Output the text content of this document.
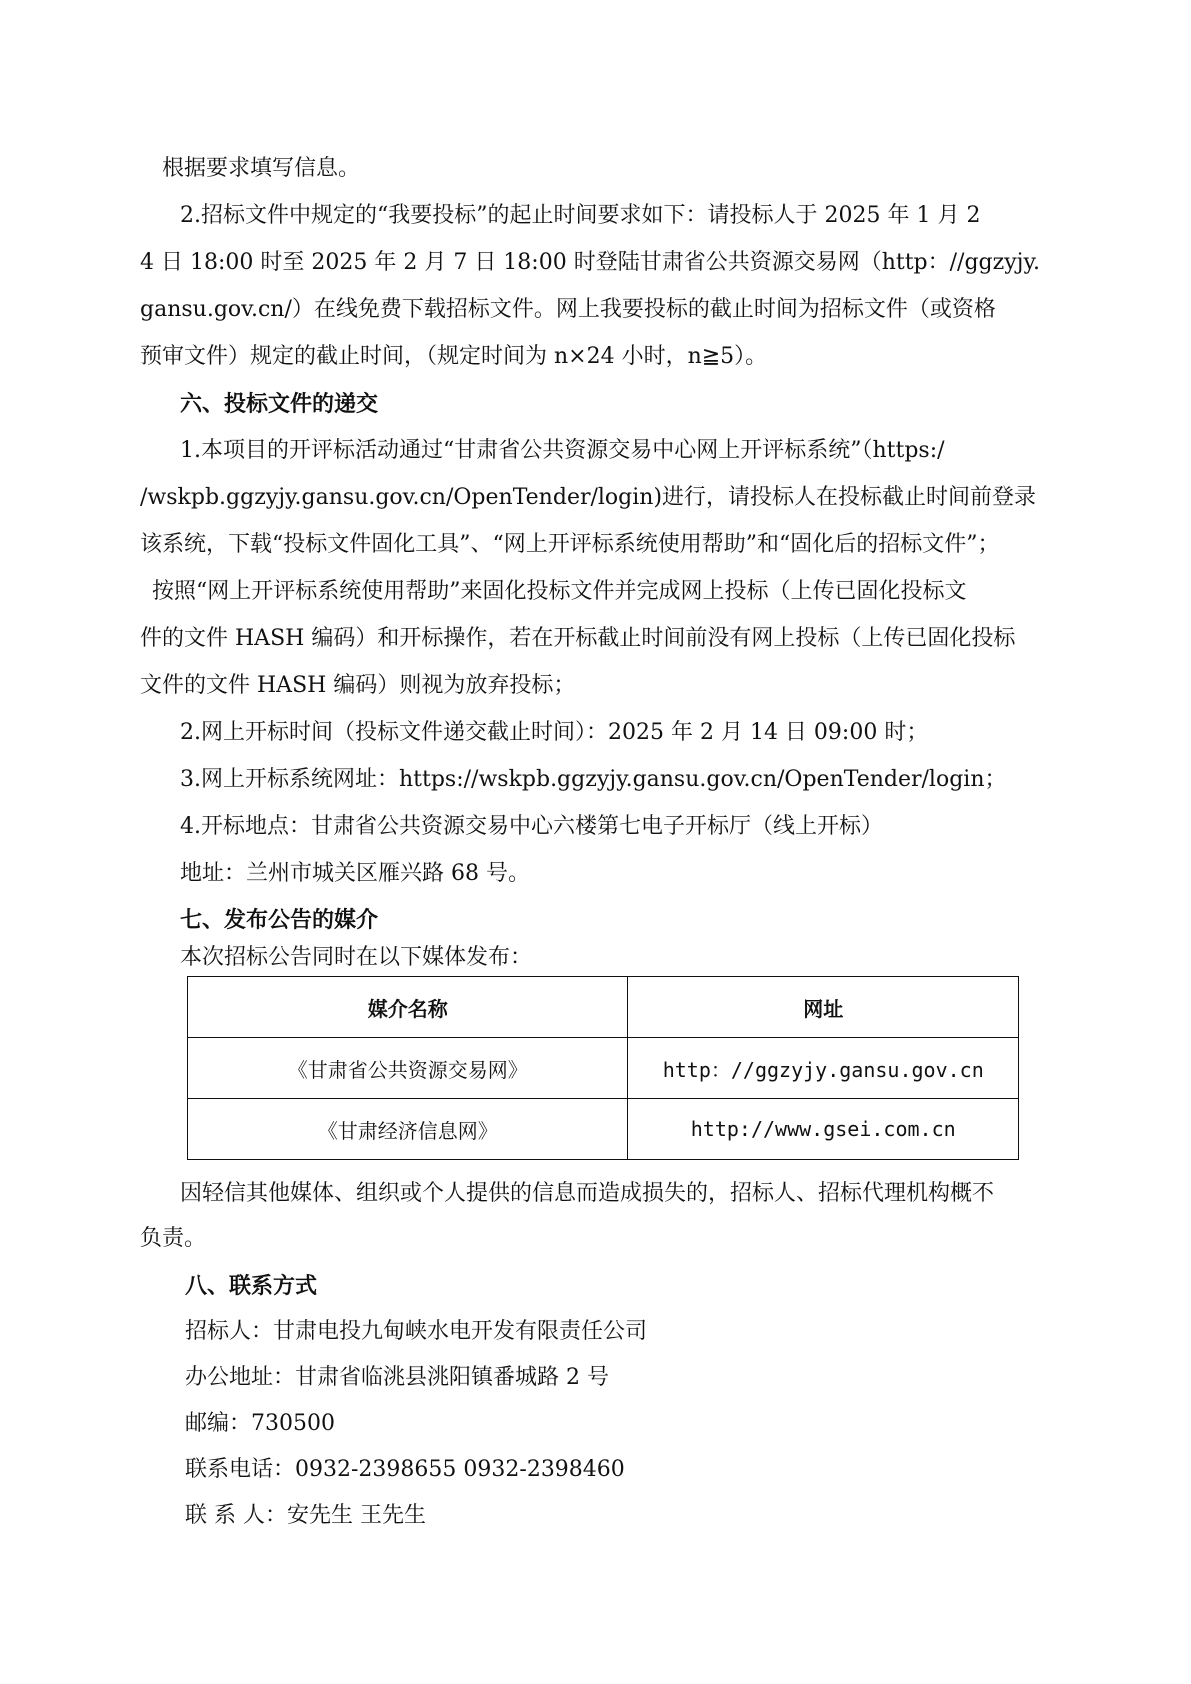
根据要求填写信息。
2.招标文件中规定的“我要投标”的起止时间要求如下：请投标人于 2025 年 1 月 2
4 日 18:00 时至 2025 年 2 月 7 日 18:00 时登陆甘肃省公共资源交易网（http：//ggzyjy.
gansu.gov.cn/）在线免费下载招标文件。网上我要投标的截止时间为招标文件（或资格
预审文件）规定的截止时间，（规定时间为 n×24 小时，n≧5）。
六、投标文件的递交
1.本项目的开评标活动通过“甘肃省公共资源交易中心网上开评标系统”（https:/
/wskpb.ggzyjy.gansu.gov.cn/OpenTender/login)进行，请投标人在投标截止时间前登录
该系统，下载“投标文件固化工具”、“网上开评标系统使用帮助”和“固化后的招标文件”；
按照“网上开评标系统使用帮助”来固化投标文件并完成网上投标（上传已固化投标文
件的文件 HASH 编码）和开标操作，若在开标截止时间前没有网上投标（上传已固化投标
文件的文件 HASH 编码）则视为放弃投标；
2.网上开标时间（投标文件递交截止时间）：2025 年 2 月 14 日 09:00 时；
3.网上开标系统网址：https://wskpb.ggzyjy.gansu.gov.cn/OpenTender/login；
4.开标地点：甘肃省公共资源交易中心六楼第七电子开标厅（线上开标）
地址：兰州市城关区雁兴路 68 号。
七、发布公告的媒介
本次招标公告同时在以下媒体发布：
媒介名称	网址
《甘肃省公共资源交易网》	http：//ggzyjy.gansu.gov.cn
《甘肃经济信息网》	http://www.gsei.com.cn
因轻信其他媒体、组织或个人提供的信息而造成损失的，招标人、招标代理机构概不
负责。
八、联系方式
招标人：甘肃电投九甸峡水电开发有限责任公司
办公地址：甘肃省临洮县洮阳镇番城路 2 号
邮编：730500
联系电话：0932-2398655 0932-2398460
联 系 人：安先生 王先生
